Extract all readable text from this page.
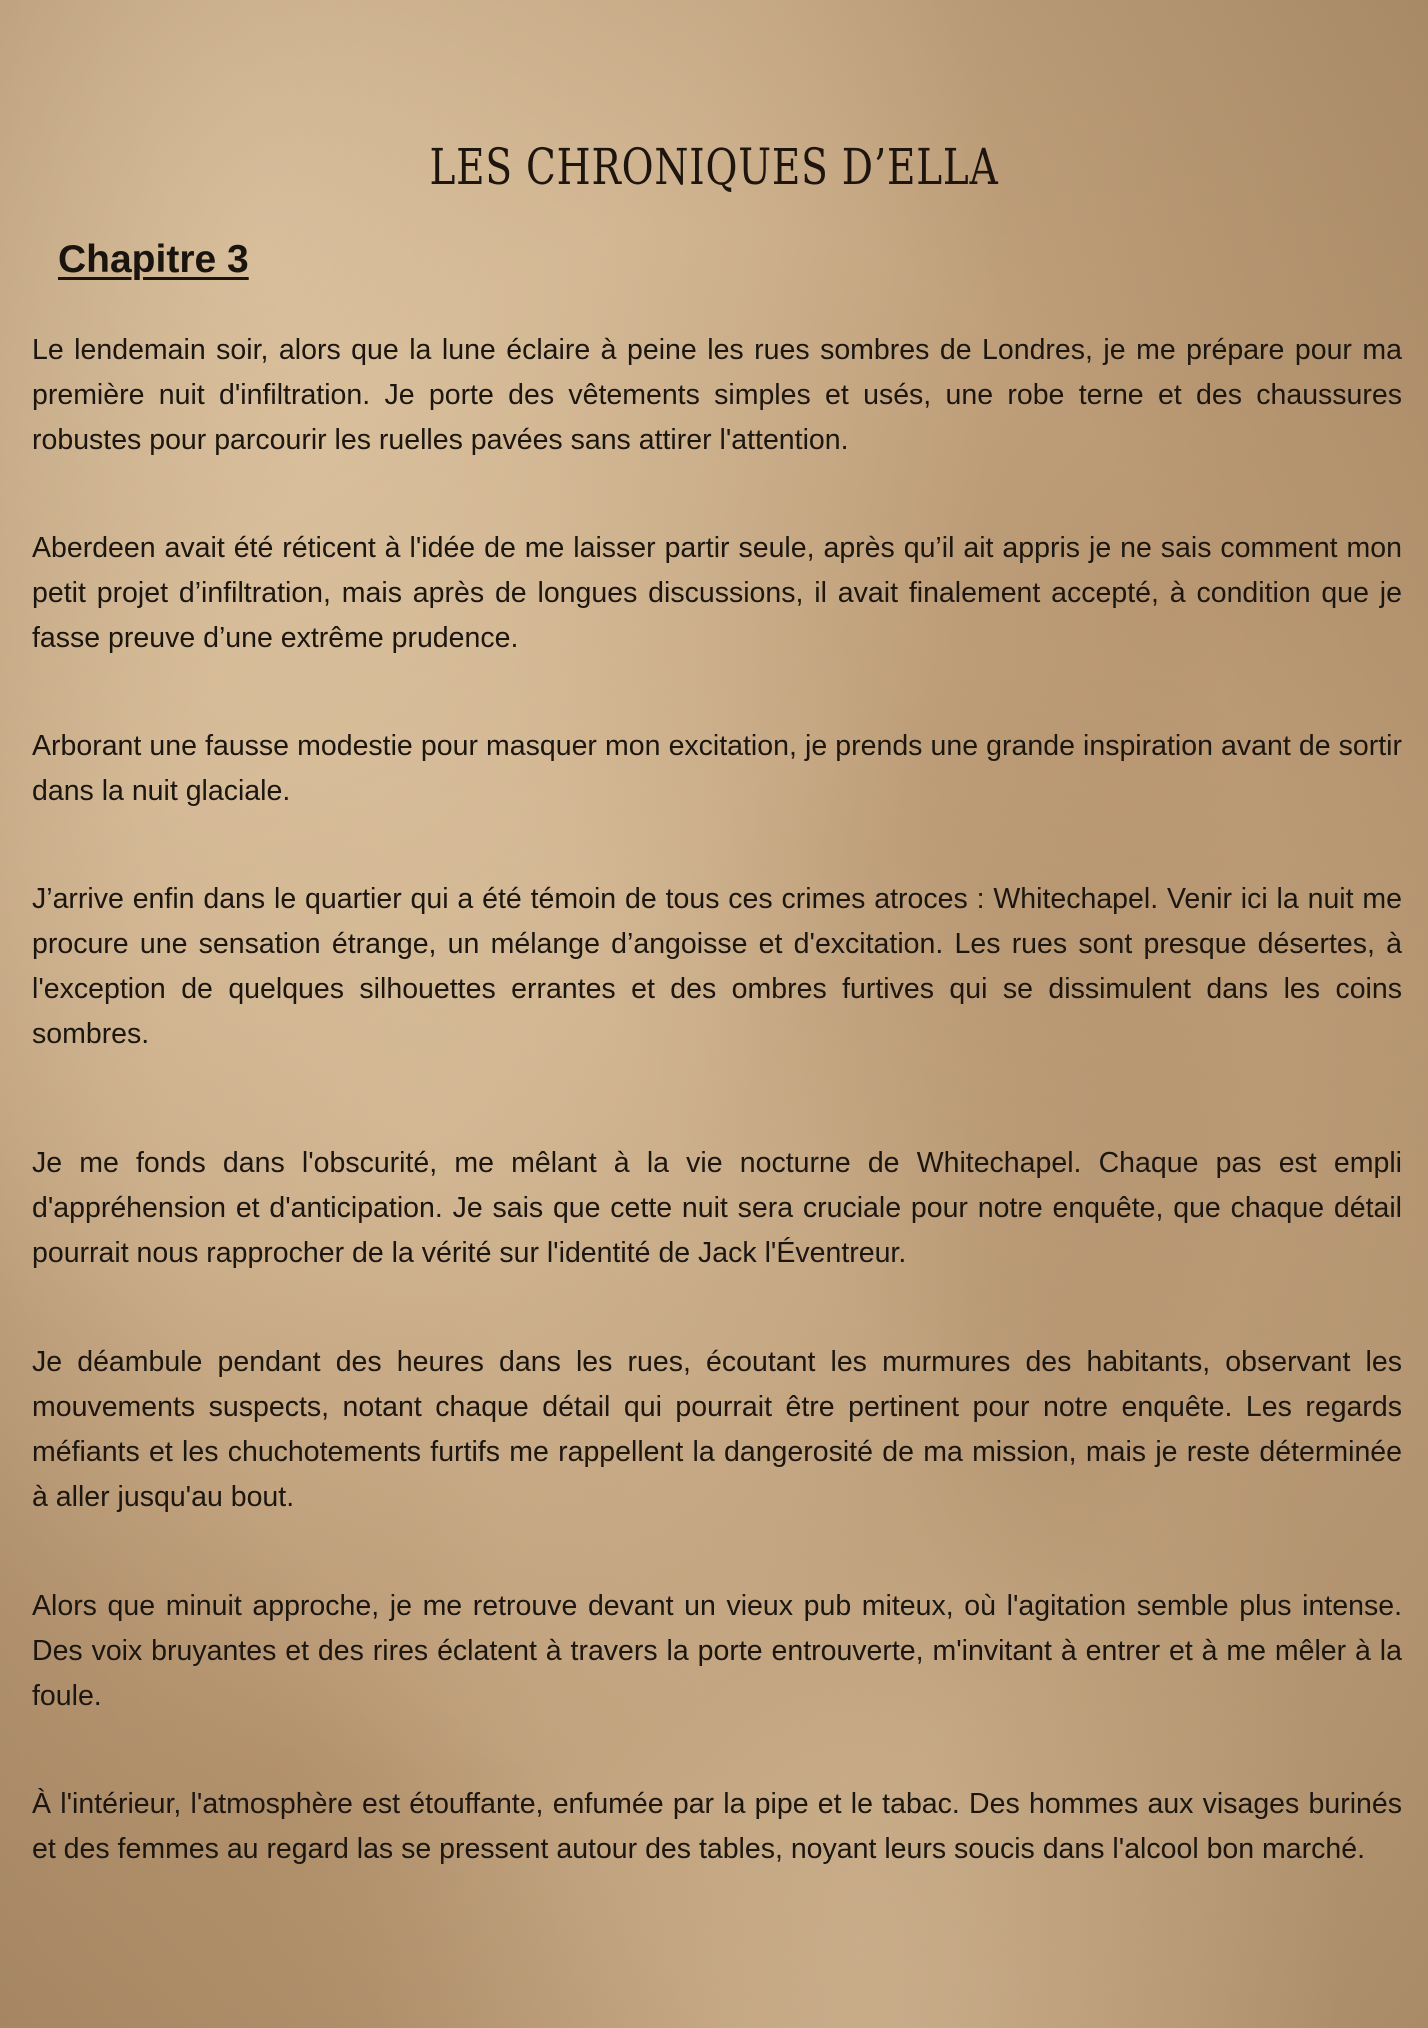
LES CHRONIQUES D’ELLA
Chapitre 3

Le lendemain soir, alors que la lune éclaire à peine les rues sombres de Londres, je me prépare pour ma première nuit d'infiltration. Je porte des vêtements simples et usés, une robe terne et des chaussures robustes pour parcourir les ruelles pavées sans attirer l'attention.

Aberdeen avait été réticent à l'idée de me laisser partir seule, après qu’il ait appris je ne sais comment mon petit projet d’infiltration, mais après de longues discussions, il avait finalement accepté, à condition que je fasse preuve d’une extrême prudence.

Arborant une fausse modestie pour masquer mon excitation, je prends une grande inspiration avant de sortir dans la nuit glaciale.

J’arrive enfin dans le quartier qui a été témoin de tous ces crimes atroces : Whitechapel. Venir ici la nuit me procure une sensation étrange, un mélange d’angoisse et d'excitation. Les rues sont presque désertes, à l'exception de quelques silhouettes errantes et des ombres furtives qui se dissimulent dans les coins sombres.

Je me fonds dans l'obscurité, me mêlant à la vie nocturne de Whitechapel. Chaque pas est empli d'appréhension et d'anticipation. Je sais que cette nuit sera cruciale pour notre enquête, que chaque détail pourrait nous rapprocher de la vérité sur l'identité de Jack l'Éventreur.

Je déambule pendant des heures dans les rues, écoutant les murmures des habitants, observant les mouvements suspects, notant chaque détail qui pourrait être pertinent pour notre enquête. Les regards méfiants et les chuchotements furtifs me rappellent la dangerosité de ma mission, mais je reste déterminée à aller jusqu'au bout.

Alors que minuit approche, je me retrouve devant un vieux pub miteux, où l'agitation semble plus intense. Des voix bruyantes et des rires éclatent à travers la porte entrouverte, m'invitant à entrer et à me mêler à la foule.

À l'intérieur, l'atmosphère est étouffante, enfumée par la pipe et le tabac. Des hommes aux visages burinés et des femmes au regard las se pressent autour des tables, noyant leurs soucis dans l'alcool bon marché.
